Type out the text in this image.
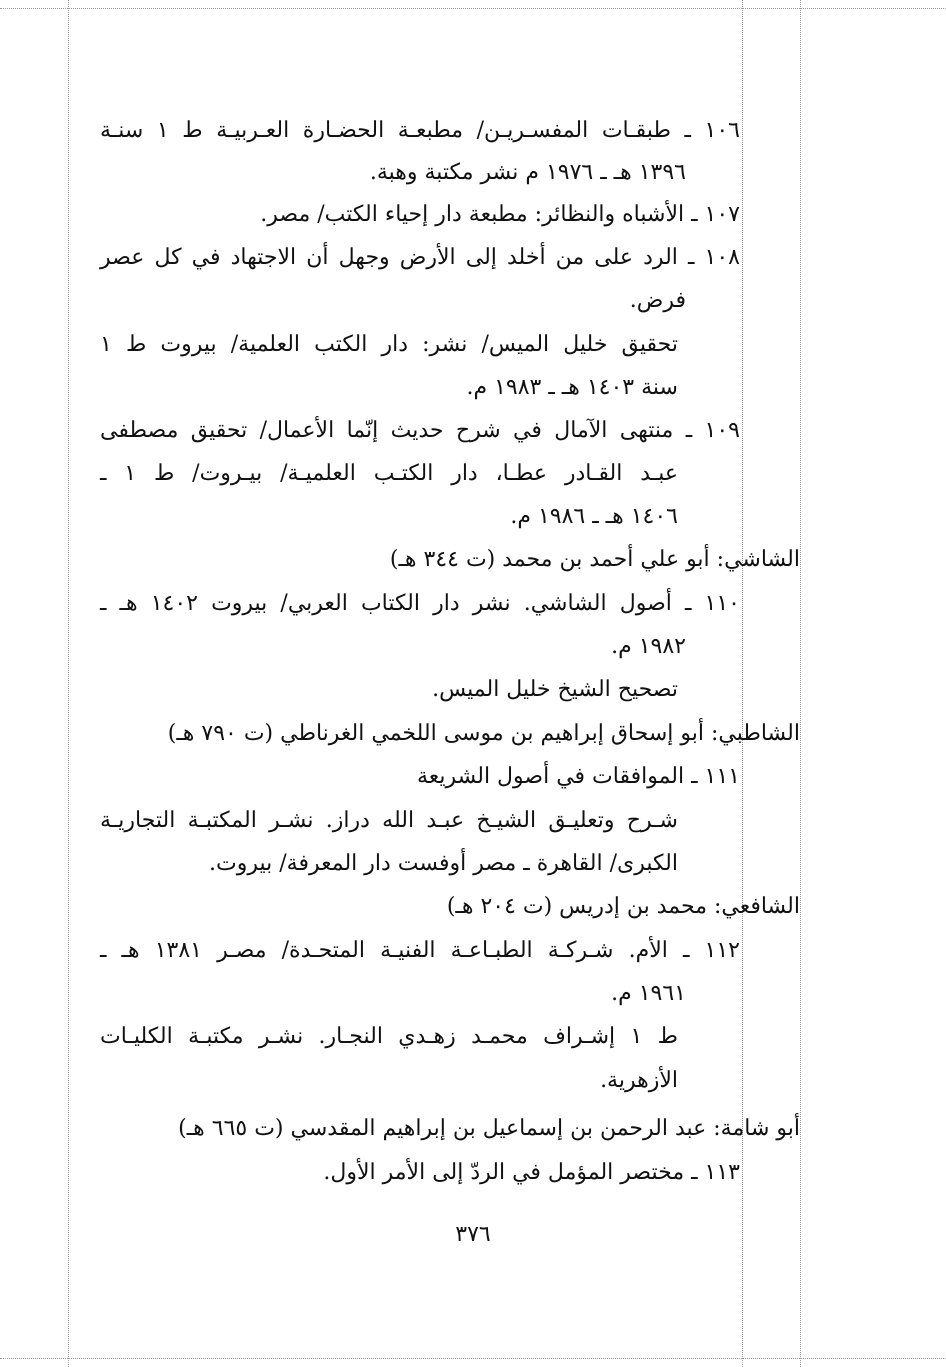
١٠٦ ـ طبقـات المفسـريـن/ مطبعـة الحضـارة العـربيـة ط ١ سنـة
١٣٩٦ هـ ـ ١٩٧٦ م نشر مكتبة وهبة.
١٠٧ ـ الأشباه والنظائر: مطبعة دار إحياء الكتب/ مصر.
١٠٨ ـ الرد على من أخلد إلى الأرض وجهل أن الاجتهاد في كل عصر
فرض.
تحقيق خليل الميس/ نشر: دار الكتب العلمية/ بيروت ط ١
سنة ١٤٠٣ هـ ـ ١٩٨٣ م.
١٠٩ ـ منتهى الآمال في شرح حديث إنّما الأعمال/ تحقيق مصطفى
عبـد القـادر عطـا، دار الكتـب العلميـة/ بيـروت/ ط ١ ـ
١٤٠٦ هـ ـ ١٩٨٦ م.
الشاشي: أبو علي أحمد بن محمد (ت ٣٤٤ هـ)
١١٠ ـ أصول الشاشي. نشر دار الكتاب العربي/ بيروت ١٤٠٢ هـ ـ
١٩٨٢ م.
تصحيح الشيخ خليل الميس.
الشاطبي: أبو إسحاق إبراهيم بن موسى اللخمي الغرناطي (ت ٧٩٠ هـ)
١١١ ـ الموافقات في أصول الشريعة
شـرح وتعليـق الشيـخ عبـد الله دراز. نشـر المكتبـة التجاريـة
الكبرى/ القاهرة ـ مصر أوفست دار المعرفة/ بيروت.
الشافعي: محمد بن إدريس (ت ٢٠٤ هـ)
١١٢ ـ الأم. شـركـة الطبـاعـة الفنيـة المتحـدة/ مصـر ١٣٨١ هـ ـ
١٩٦١ م.
ط ١ إشـراف محمـد زهـدي النجـار. نشـر مكتبـة الكليـات
الأزهرية.
أبو شامة: عبد الرحمن بن إسماعيل بن إبراهيم المقدسي (ت ٦٦٥ هـ)
١١٣ ـ مختصر المؤمل في الردّ إلى الأمر الأول.
٣٧٦
